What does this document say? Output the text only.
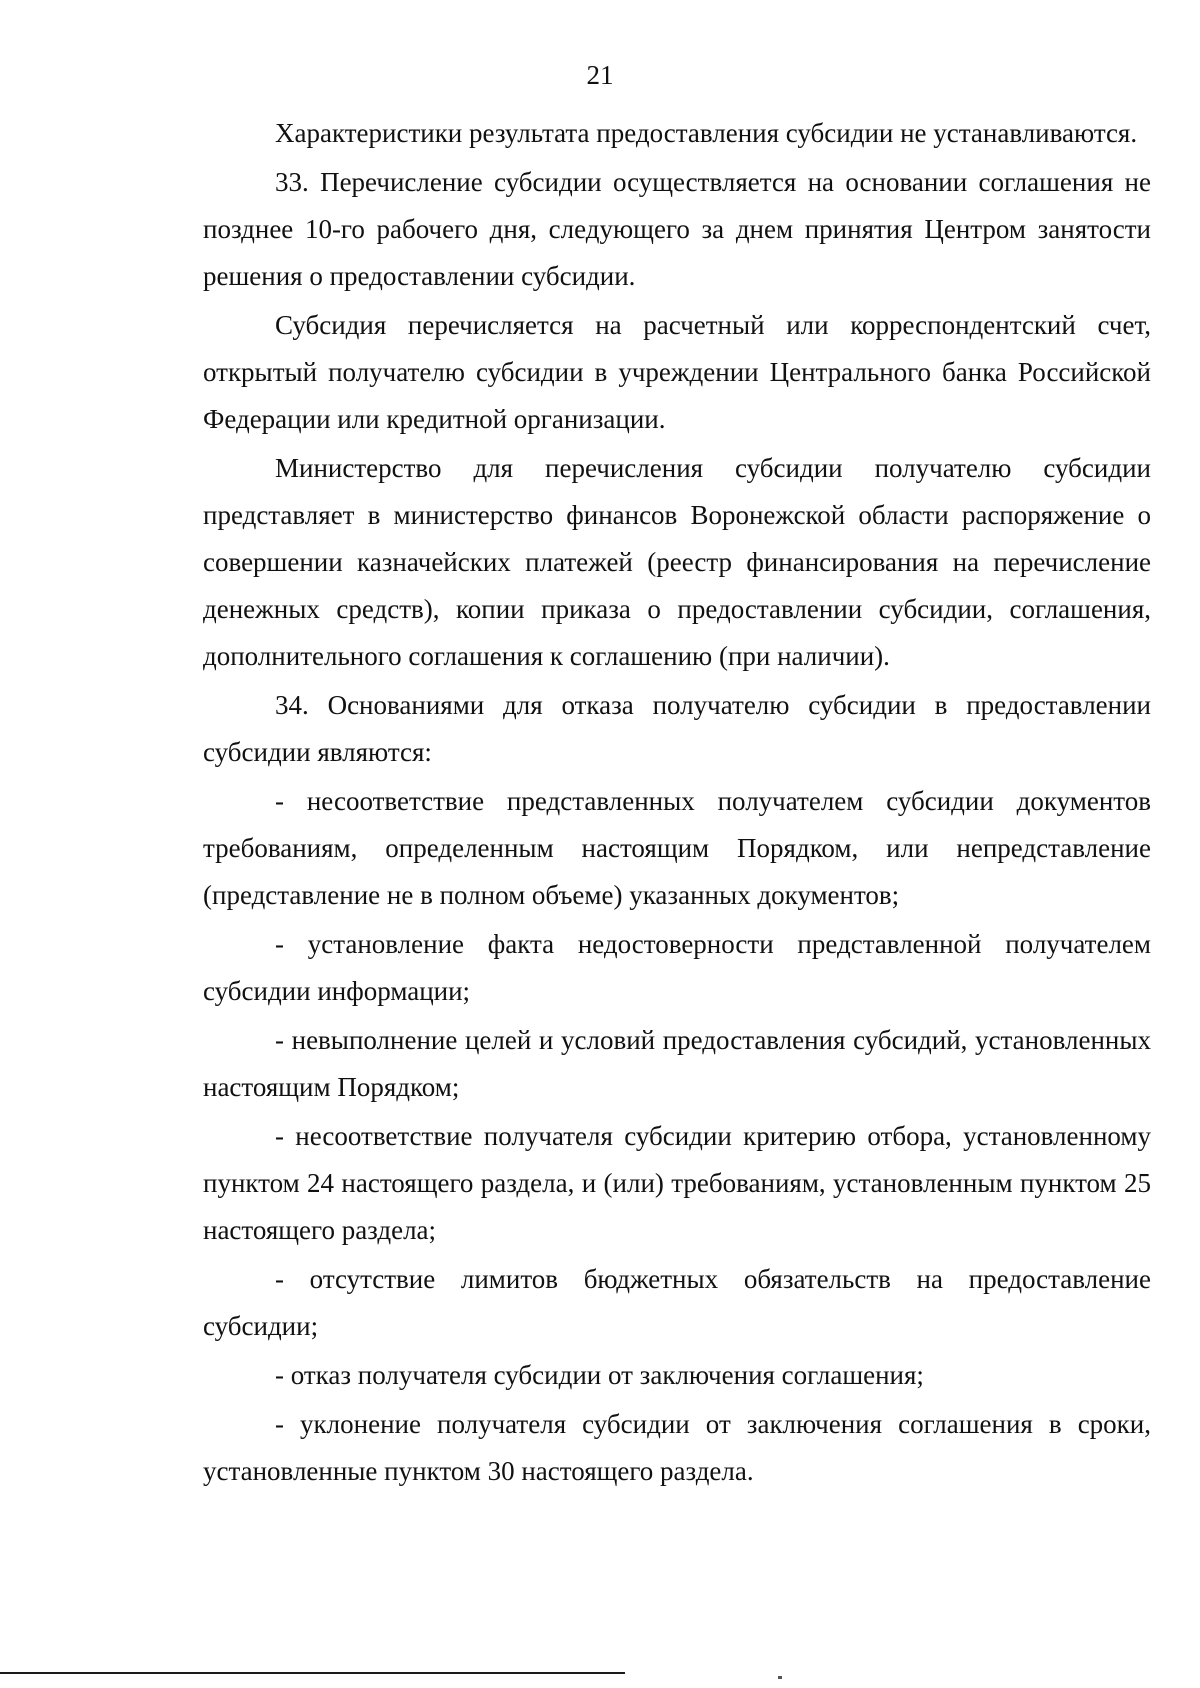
21

Характеристики результата предоставления субсидии не устанавливаются.

33. Перечисление субсидии осуществляется на основании соглашения не позднее 10-го рабочего дня, следующего за днем принятия Центром занятости решения о предоставлении субсидии.

Субсидия перечисляется на расчетный или корреспондентский счет, открытый получателю субсидии в учреждении Центрального банка Российской Федерации или кредитной организации.

Министерство для перечисления субсидии получателю субсидии представляет в министерство финансов Воронежской области распоряжение о совершении казначейских платежей (реестр финансирования на перечисление денежных средств), копии приказа о предоставлении субсидии, соглашения, дополнительного соглашения к соглашению (при наличии).

34. Основаниями для отказа получателю субсидии в предоставлении субсидии являются:

- несоответствие представленных получателем субсидии документов требованиям, определенным настоящим Порядком, или непредставление (представление не в полном объеме) указанных документов;

- установление факта недостоверности представленной получателем субсидии информации;

- невыполнение целей и условий предоставления субсидий, установленных настоящим Порядком;

- несоответствие получателя субсидии критерию отбора, установленному пунктом 24 настоящего раздела, и (или) требованиям, установленным пунктом 25 настоящего раздела;

- отсутствие лимитов бюджетных обязательств на предоставление субсидии;

- отказ получателя субсидии от заключения соглашения;

- уклонение получателя субсидии от заключения соглашения в сроки, установленные пунктом 30 настоящего раздела.
